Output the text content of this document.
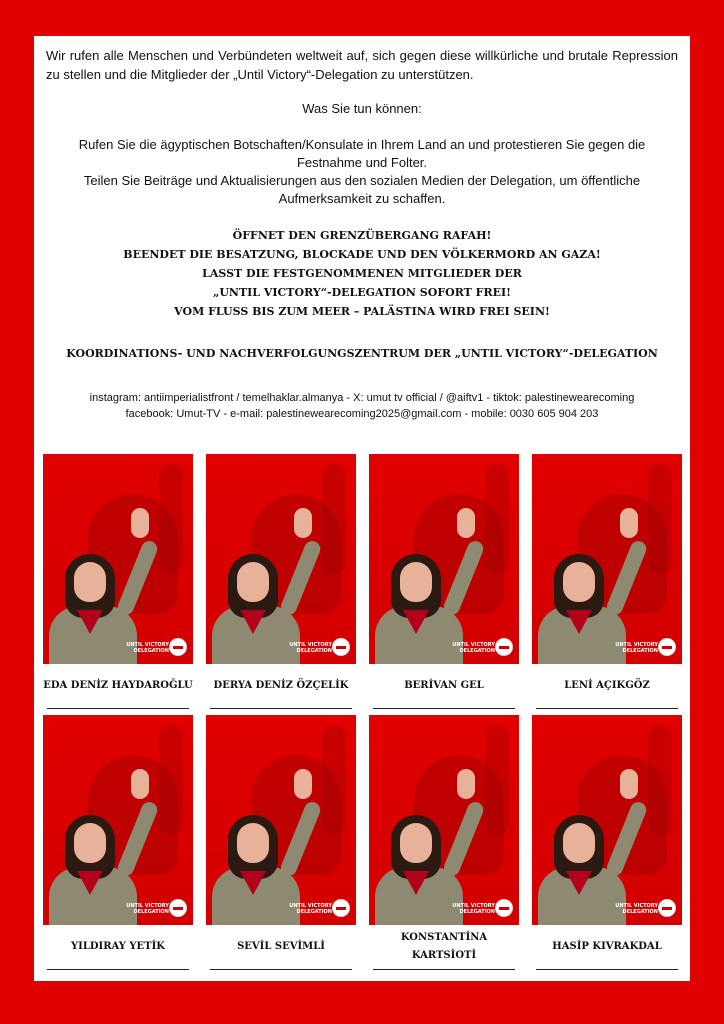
Wir rufen alle Menschen und Verbündeten weltweit auf, sich gegen diese willkürliche und brutale Repression zu stellen und die Mitglieder der „Until Victory“-Delegation zu unterstützen.

Was Sie tun können:

Rufen Sie die ägyptischen Botschaften/Konsulate in Ihrem Land an und protestieren Sie gegen die Festnahme und Folter.

Teilen Sie Beiträge und Aktualisierungen aus den sozialen Medien der Delegation, um öffentliche Aufmerksamkeit zu schaffen.

ÖFFNET DEN GRENZÜBERGANG RAFAH!
BEENDET DIE BESATZUNG, BLOCKADE UND DEN VÖLKERMORD AN GAZA!
LASST DIE FESTGENOMMENEN MITGLIEDER DER
„UNTIL VICTORY“-DELEGATION SOFORT FREI!
VOM FLUSS BIS ZUM MEER – PALÄSTINA WIRD FREI SEIN!

KOORDINATIONS- UND NACHVERFOLGUNGSZENTRUM DER „UNTIL VICTORY“-DELEGATION

instagram: antiimperialistfront / temelhaklar.almanya - X: umut tv official / @aiftv1 - tiktok: palestinewearecoming
facebook: Umut-TV - e-mail: palestinewearecoming2025@gmail.com - mobile: 0030 605 904 203
UNTIL VICTORY DELEGATION
EDA DENİZ HAYDAROĞLU
UNTIL VICTORY DELEGATION
DERYA DENİZ ÖZÇELİK
UNTIL VICTORY DELEGATION
BERİVAN GEL
UNTIL VICTORY DELEGATION
LENİ AÇIKGÖZ
UNTIL VICTORY DELEGATION
YILDIRAY YETİK
UNTIL VICTORY DELEGATION
SEVİL SEVİMLİ
UNTIL VICTORY DELEGATION
KONSTANTİNA KARTSİOTİ
UNTIL VICTORY DELEGATION
HASİP KIVRAKDAL
